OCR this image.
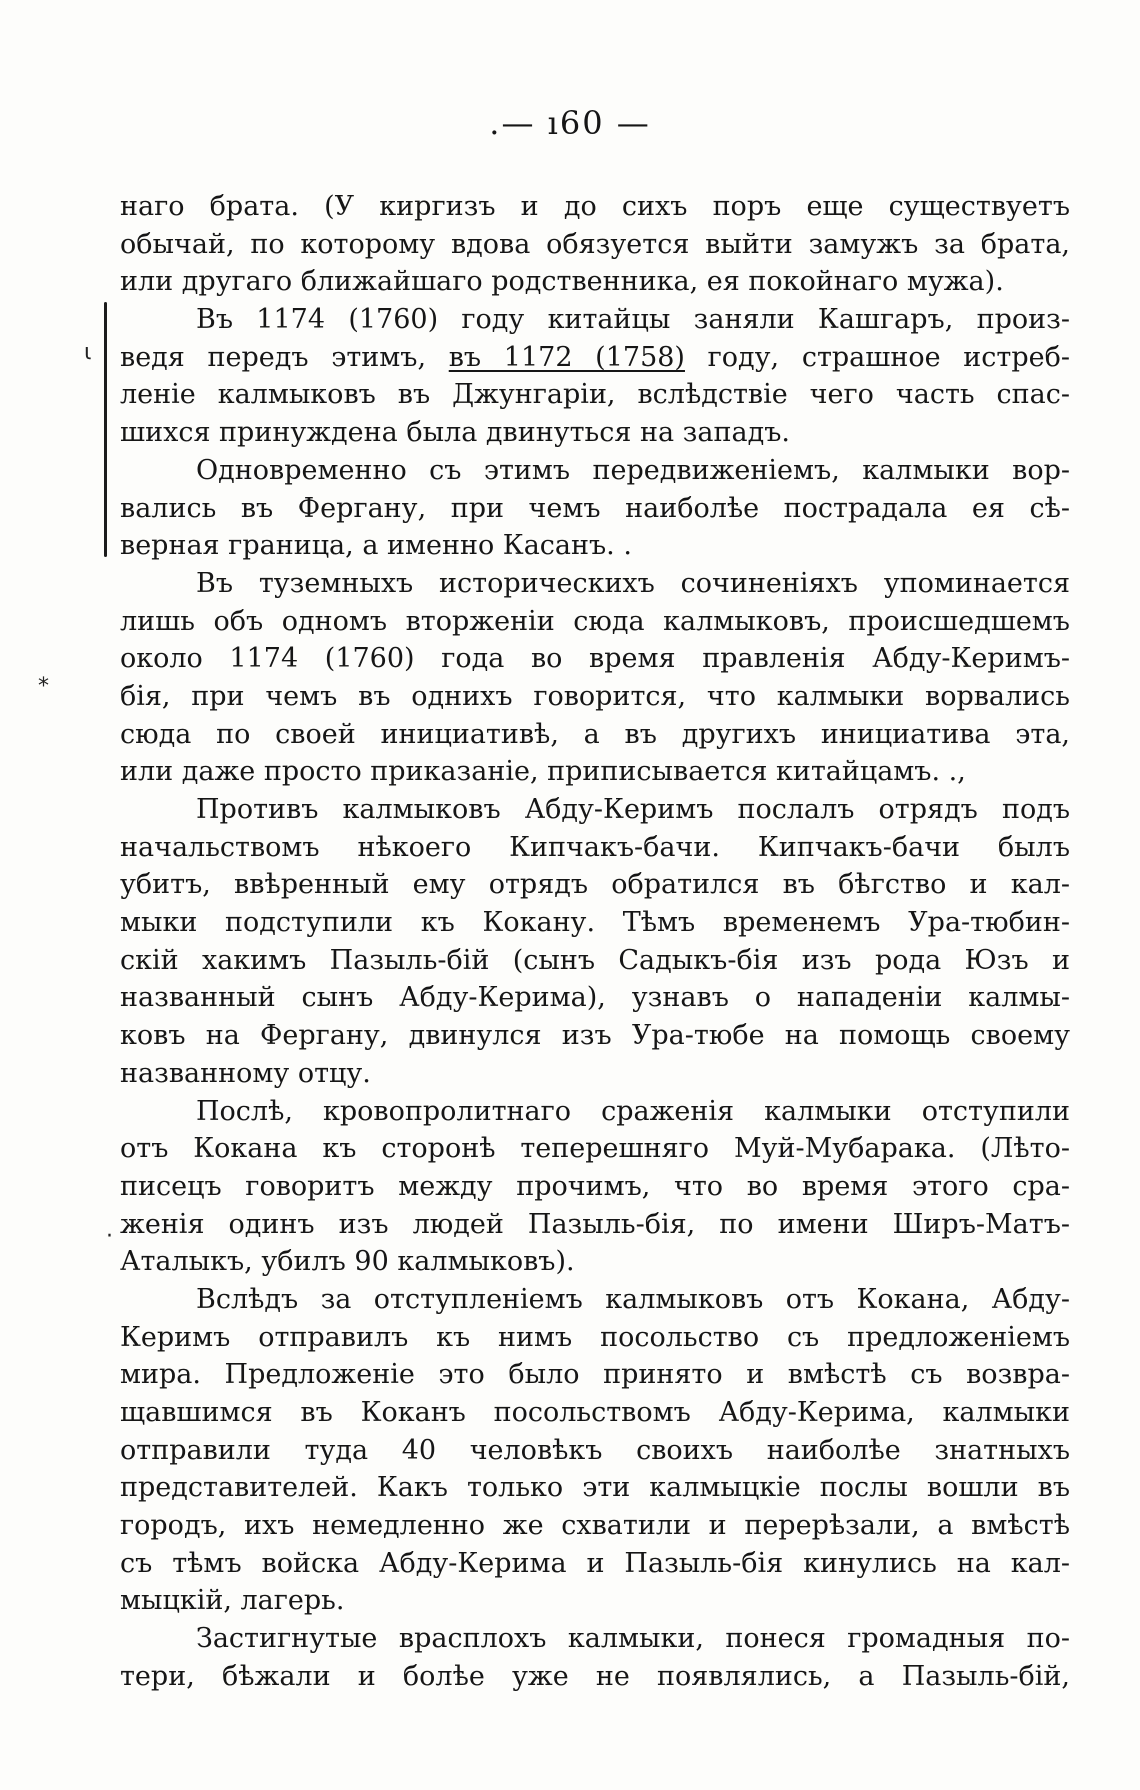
.— ı60 —
ι
⁎
·
наго брата. (У киргизъ и до сихъ поръ еще существуетъ
обычай, по которому вдова обязуется выйти замужъ за брата,
или другаго ближайшаго родственника, ея покойнаго мужа).
Въ 1174 (1760) году китайцы заняли Кашгаръ, произ-
ведя передъ этимъ, въ 1172 (1758) году, страшное истреб-
леніе калмыковъ въ Джунгаріи, вслѣдствіе чего часть спас-
шихся принуждена была двинуться на западъ.
Одновременно съ этимъ передвиженіемъ, калмыки вор-
вались въ Фергану, при чемъ наиболѣе пострадала ея сѣ-
верная граница, а именно Касанъ. .
Въ туземныхъ историческихъ сочиненіяхъ упоминается
лишь объ одномъ вторженіи сюда калмыковъ, происшедшемъ
около 1174 (1760) года во время правленія Абду-Керимъ-
бія, при чемъ въ однихъ говорится, что калмыки ворвались
сюда по своей инициативѣ, а въ другихъ инициатива эта,
или даже просто приказаніе, приписывается китайцамъ. .,
Противъ калмыковъ Абду-Керимъ послалъ отрядъ подъ
начальствомъ нѣкоего Кипчакъ-бачи. Кипчакъ-бачи былъ
убитъ, ввѣренный ему отрядъ обратился въ бѣгство и кал-
мыки подступили къ Кокану. Тѣмъ временемъ Ура-тюбин-
скій хакимъ Пазыль-бій (сынъ Садыкъ-бія изъ рода Юзъ и
названный сынъ Абду-Керима), узнавъ о нападеніи калмы-
ковъ на Фергану, двинулся изъ Ура-тюбе на помощь своему
названному отцу.
Послѣ, кровопролитнаго сраженія калмыки отступили
отъ Кокана къ сторонѣ теперешняго Муй-Мубарака. (Лѣто-
писецъ говоритъ между прочимъ, что во время этого сра-
женія одинъ изъ людей Пазыль-бія, по имени Ширъ-Матъ-
Аталыкъ, убилъ 90 калмыковъ).
Вслѣдъ за отступленіемъ калмыковъ отъ Кокана, Абду-
Керимъ отправилъ къ нимъ посольство съ предложеніемъ
мира. Предложеніе это было принято и вмѣстѣ съ возвра-
щавшимся въ Коканъ посольствомъ Абду-Керима, калмыки
отправили туда 40 человѣкъ своихъ наиболѣе знатныхъ
представителей. Какъ только эти калмыцкіе послы вошли въ
городъ, ихъ немедленно же схватили и перерѣзали, а вмѣстѣ
съ тѣмъ войска Абду-Керима и Пазыль-бія кинулись на кал-
мыцкій, лагерь.
Застигнутые врасплохъ калмыки, понеся громадныя по-
тери, бѣжали и болѣе уже не появлялись, а Пазыль-бій,
